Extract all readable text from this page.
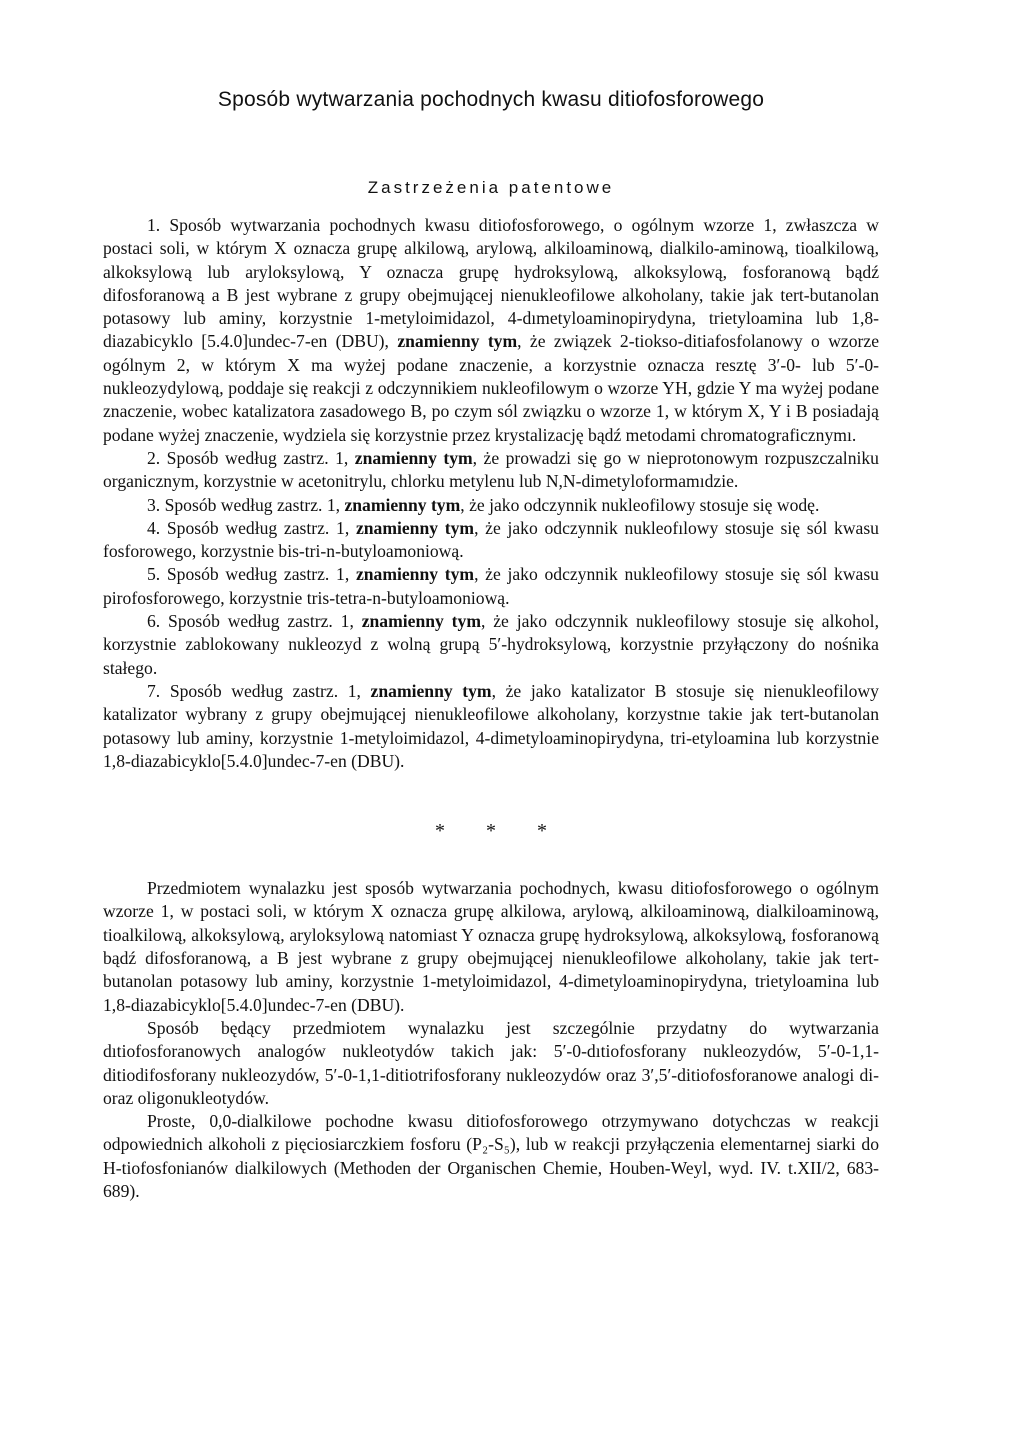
Sposób wytwarzania pochodnych kwasu ditiofosforowego
Zastrzeżenia patentowe

1. Sposób wytwarzania pochodnych kwasu ditiofosforowego, o ogólnym wzorze 1, zwłaszcza w postaci soli, w którym X oznacza grupę alkilową, arylową, alkiloaminową, dialkilo-aminową, tioalkilową, alkoksylową lub aryloksylową, Y oznacza grupę hydroksylową, alkoksylową, fosforanową bądź difosforanową a B jest wybrane z grupy obejmującej nienukleofilowe alkoholany, takie jak tert-butanolan potasowy lub aminy, korzystnie 1-metyloimidazol, 4-dımetyloaminopirydyna, trietyloamina lub 1,8-diazabicyklo [5.4.0]undec-7-en (DBU), znamienny tym, że związek 2-tiokso-ditiafosfolanowy o wzorze ogólnym 2, w którym X ma wyżej podane znaczenie, a korzystnie oznacza resztę 3′-0- lub 5′-0-nukleozydylową, poddaje się reakcji z odczynnikiem nukleofilowym o wzorze YH, gdzie Y ma wyżej podane znaczenie, wobec katalizatora zasadowego B, po czym sól związku o wzorze 1, w którym X, Y i B posiadają podane wyżej znaczenie, wydziela się korzystnie przez krystalizację bądź metodami chromatograficznymı.

2. Sposób według zastrz. 1, znamienny tym, że prowadzi się go w nieprotonowym rozpuszczalniku organicznym, korzystnie w acetonitrylu, chlorku metylenu lub N,N-dimetyloformamıdzie.

3. Sposób według zastrz. 1, znamienny tym, że jako odczynnik nukleofilowy stosuje się wodę.

4. Sposób według zastrz. 1, znamienny tym, że jako odczynnik nukleofılowy stosuje się sól kwasu fosforowego, korzystnie bis-tri-n-butyloamoniową.

5. Sposób według zastrz. 1, znamienny tym, że jako odczynnik nukleofilowy stosuje się sól kwasu pirofosforowego, korzystnie tris-tetra-n-butyloamoniową.

6. Sposób według zastrz. 1, znamienny tym, że jako odczynnik nukleofilowy stosuje się alkohol, korzystnie zablokowany nukleozyd z wolną grupą 5′-hydroksylową, korzystnie przyłączony do nośnika stałego.

7. Sposób według zastrz. 1, znamienny tym, że jako katalizator B stosuje się nienukleofilowy katalizator wybrany z grupy obejmującej nienukleofilowe alkoholany, korzystnıe takie jak tert-butanolan potasowy lub aminy, korzystnie 1-metyloimidazol, 4-dimetyloaminopirydyna, tri-etyloamina lub korzystnie 1,8-diazabicyklo[5.4.0]undec-7-en (DBU).

* * *

Przedmiotem wynalazku jest sposób wytwarzania pochodnych, kwasu ditiofosforowego o ogólnym wzorze 1, w postaci soli, w którym X oznacza grupę alkilowa, arylową, alkiloaminową, dialkiloaminową, tioalkilową, alkoksylową, aryloksylową natomiast Y oznacza grupę hydroksylową, alkoksylową, fosforanową bądź difosforanową, a B jest wybrane z grupy obejmującej nienukleofilowe alkoholany, takie jak tert-butanolan potasowy lub aminy, korzystnie 1-metyloimidazol, 4-dimetyloaminopirydyna, trietyloamina lub 1,8-diazabicyklo[5.4.0]undec-7-en (DBU).

Sposób będący przedmiotem wynalazku jest szczególnie przydatny do wytwarzania dıtiofosforanowych analogów nukleotydów takich jak: 5′-0-dıtiofosforany nukleozydów, 5′-0-1,1-ditiodifosforany nukleozydów, 5′-0-1,1-ditiotrifosforany nukleozydów oraz 3′,5′-ditiofosforanowe analogi di- oraz oligonukleotydów.

Proste, 0,0-dialkilowe pochodne kwasu ditiofosforowego otrzymywano dotychczas w reakcji odpowiednich alkoholi z pięciosiarczkiem fosforu (P₂-S₅), lub w reakcji przyłączenia elementarnej siarki do H-tiofosfonianów dialkilowych (Methoden der Organischen Chemie, Houben-Weyl, wyd. IV. t.XII/2, 683-689).
